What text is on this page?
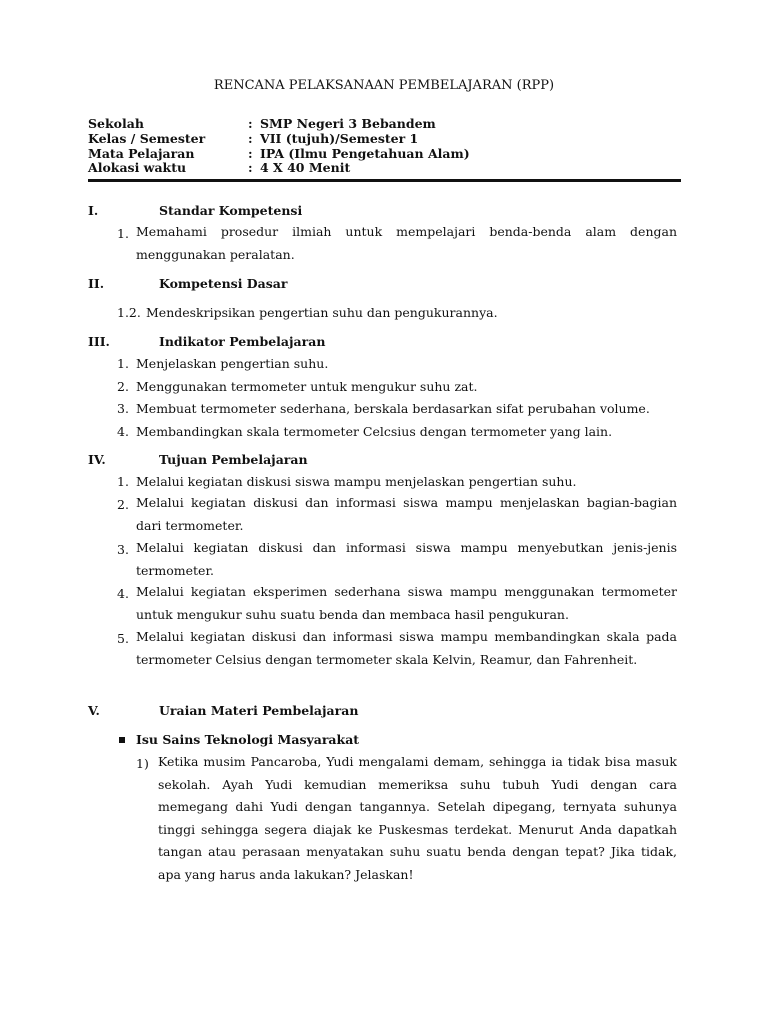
RENCANA PELAKSANAAN PEMBELAJARAN (RPP)
Sekolah	: SMP Negeri 3 Bebandem
Kelas / Semester	: VII (tujuh)/Semester 1
Mata Pelajaran	: IPA (Ilmu Pengetahuan Alam)
Alokasi waktu	: 4 X 40 Menit
I.	Standar Kompetensi
1. Memahami prosedur ilmiah untuk mempelajari benda-benda alam dengan menggunakan peralatan.
II.	Kompetensi Dasar
1.2. Mendeskripsikan pengertian suhu dan pengukurannya.
III.	Indikator Pembelajaran
1. Menjelaskan pengertian suhu.
2. Menggunakan termometer untuk mengukur suhu zat.
3. Membuat termometer sederhana, berskala berdasarkan sifat perubahan volume.
4. Membandingkan skala termometer Celcsius dengan termometer yang lain.
IV.	Tujuan Pembelajaran
1. Melalui kegiatan diskusi siswa mampu menjelaskan pengertian suhu.
2. Melalui kegiatan diskusi dan informasi siswa mampu menjelaskan bagian-bagian dari termometer.
3. Melalui kegiatan diskusi dan informasi siswa mampu menyebutkan jenis-jenis termometer.
4. Melalui kegiatan eksperimen sederhana siswa mampu menggunakan termometer untuk mengukur suhu suatu benda dan membaca hasil pengukuran.
5. Melalui kegiatan diskusi dan informasi siswa mampu membandingkan skala pada termometer Celsius dengan termometer skala Kelvin, Reamur, dan Fahrenheit.
V.	Uraian Materi Pembelajaran
Isu Sains Teknologi Masyarakat
1) Ketika musim Pancaroba, Yudi mengalami demam, sehingga ia tidak bisa masuk sekolah. Ayah Yudi kemudian memeriksa suhu tubuh Yudi dengan cara memegang dahi Yudi dengan tangannya. Setelah dipegang, ternyata suhunya tinggi sehingga segera diajak ke Puskesmas terdekat. Menurut Anda dapatkah tangan atau perasaan menyatakan suhu suatu benda dengan tepat? Jika tidak, apa yang harus anda lakukan? Jelaskan!
